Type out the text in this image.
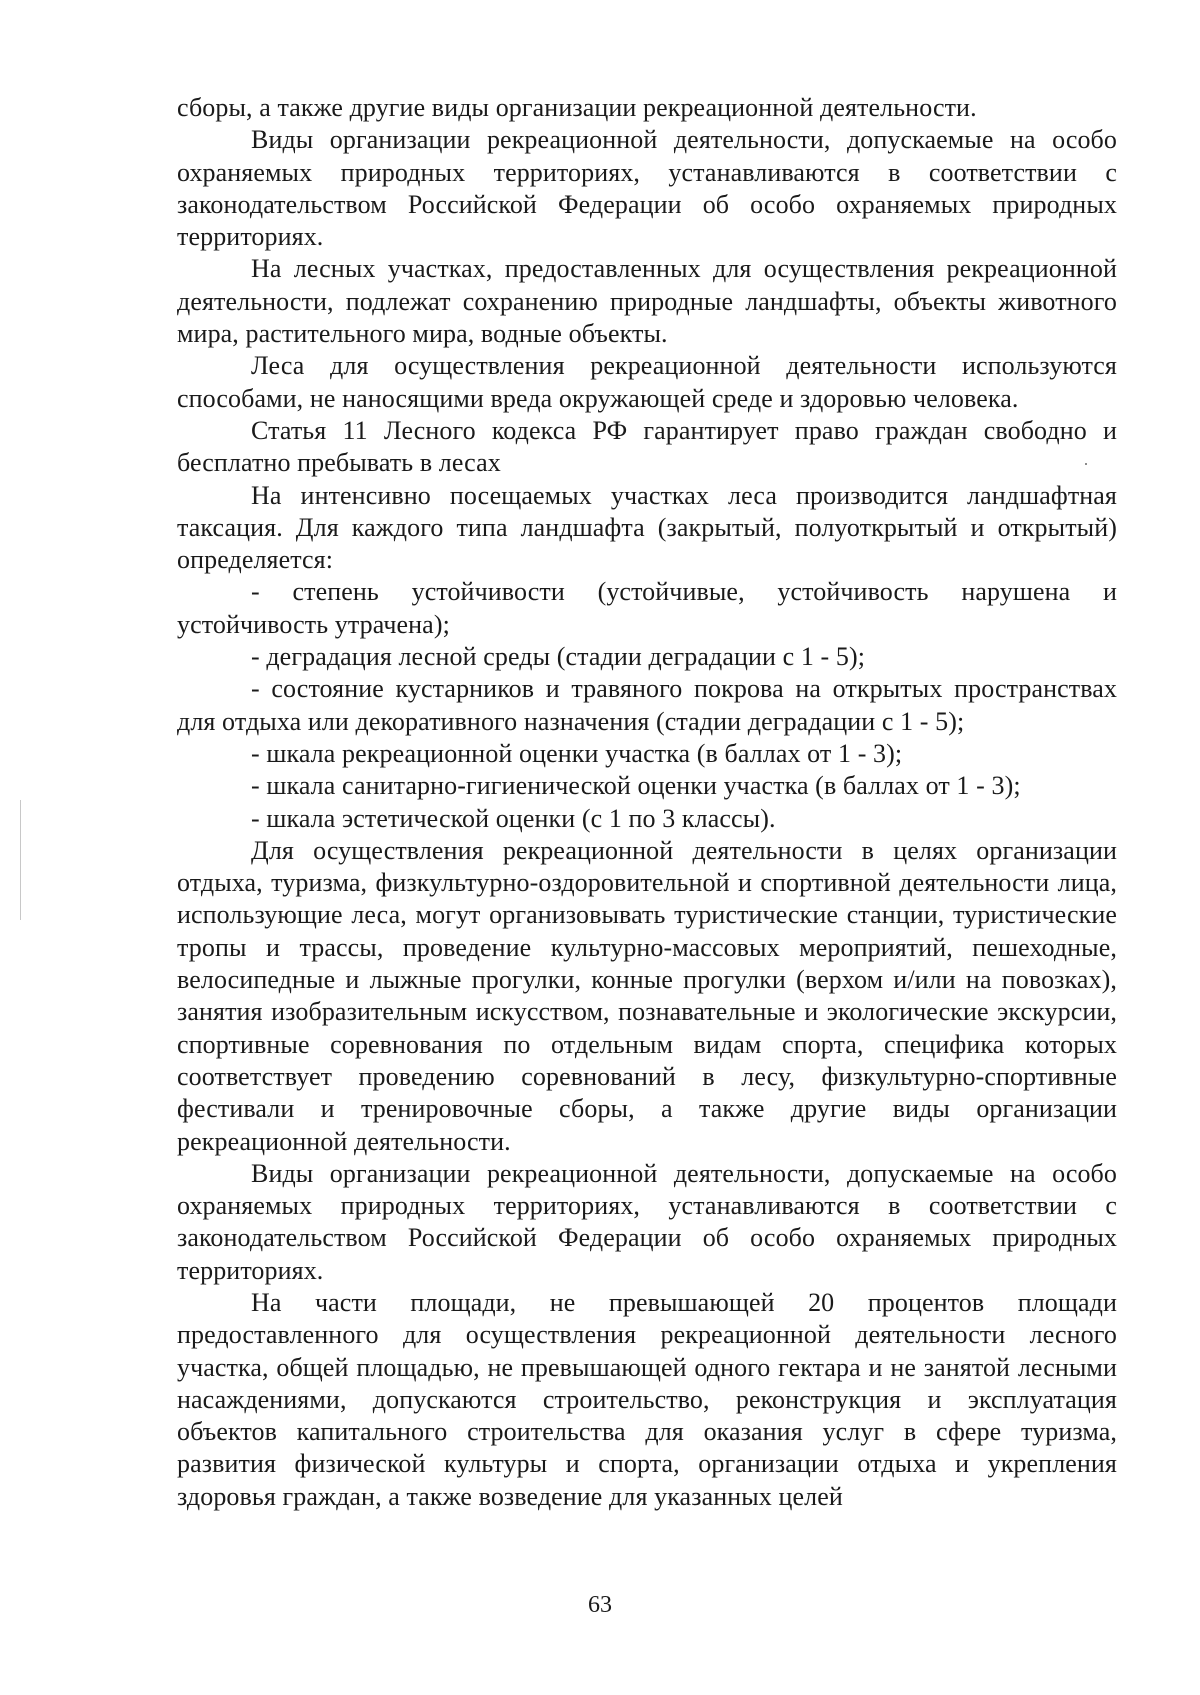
сборы, а также другие виды организации рекреационной деятельности.

Виды организации рекреационной деятельности, допускаемые на особо охраняемых природных территориях, устанавливаются в соответствии с законодательством Российской Федерации об особо охраняемых природных территориях.

На лесных участках, предоставленных для осуществления рекреационной деятельности, подлежат сохранению природные ландшафты, объекты животного мира, растительного мира, водные объекты.

Леса для осуществления рекреационной деятельности используются способами, не наносящими вреда окружающей среде и здоровью человека.

Статья 11 Лесного кодекса РФ гарантирует право граждан свободно и бесплатно пребывать в лесах

На интенсивно посещаемых участках леса производится ландшафтная таксация. Для каждого типа ландшафта (закрытый, полуоткрытый и открытый) определяется:

- степень устойчивости (устойчивые, устойчивость нарушена и устойчивость утрачена);

- деградация лесной среды (стадии деградации с 1 - 5);

- состояние кустарников и травяного покрова на открытых пространствах для отдыха или декоративного назначения (стадии деградации с 1 - 5);

- шкала рекреационной оценки участка (в баллах от 1 - 3);

- шкала санитарно-гигиенической оценки участка (в баллах от 1 - 3);

- шкала эстетической оценки (с 1 по 3 классы).

Для осуществления рекреационной деятельности в целях организации отдыха, туризма, физкультурно-оздоровительной и спортивной деятельности лица, использующие леса, могут организовывать туристические станции, туристические тропы и трассы, проведение культурно-массовых мероприятий, пешеходные, велосипедные и лыжные прогулки, конные прогулки (верхом и/или на повозках), занятия изобразительным искусством, познавательные и экологические экскурсии, спортивные соревнования по отдельным видам спорта, специфика которых соответствует проведению соревнований в лесу, физкультурно-спортивные фестивали и тренировочные сборы, а также другие виды организации рекреационной деятельности.

Виды организации рекреационной деятельности, допускаемые на особо охраняемых природных территориях, устанавливаются в соответствии с законодательством Российской Федерации об особо охраняемых природных территориях.

На части площади, не превышающей 20 процентов площади предоставленного для осуществления рекреационной деятельности лесного участка, общей площадью, не превышающей одного гектара и не занятой лесными насаждениями, допускаются строительство, реконструкция и эксплуатация объектов капитального строительства для оказания услуг в сфере туризма, развития физической культуры и спорта, организации отдыха и укрепления здоровья граждан, а также возведение для указанных целей

63
